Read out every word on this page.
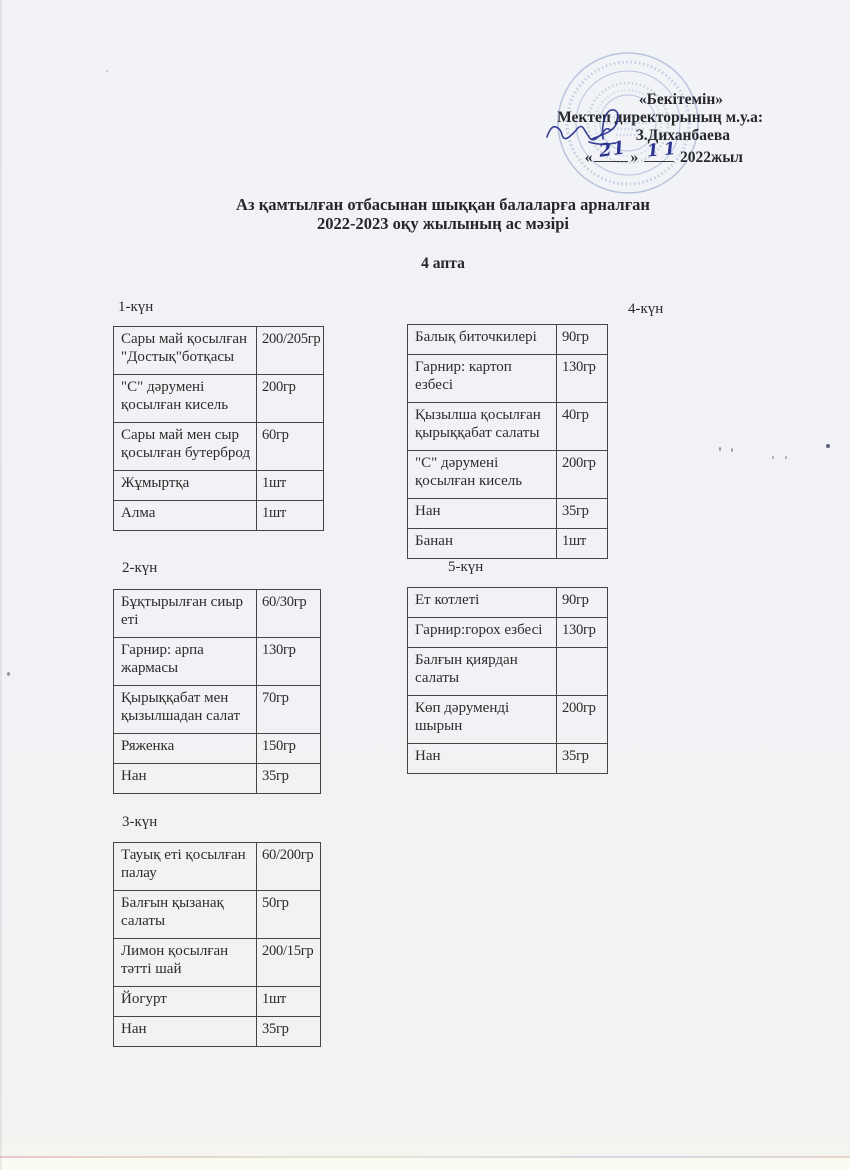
«Бекітемін»
Мектеп директорының м.у.а:
З.Диханбаева
« 21 » 11
2022жыл
Аз қамтылған отбасынан шыққан балаларға арналған
2022-2023 оқу жылының ас мәзірі
4 апта
1-күн
2-күн
3-күн
4-күн
5-күн
Сары май қосылған "Достық"ботқасы	200/205гр
"С" дәрумені қосылған кисель	200гр
Сары май мен сыр қосылған бутерброд	60гр
Жұмыртқа	1шт
Алма	1шт
Бұқтырылған сиыр еті	60/30гр
Гарнир: арпа жармасы	130гр
Қырыққабат мен қызылшадан салат	70гр
Ряженка	150гр
Нан	35гр
Тауық еті қосылған палау	60/200гр
Балғын қызанақ салаты	50гр
Лимон қосылған тәтті шай	200/15гр
Йогурт	1шт
Нан	35гр
Балық биточкилері	90гр
Гарнир: картоп езбесі	130гр
Қызылша қосылған қырыққабат салаты	40гр
"С" дәрумені қосылған кисель	200гр
Нан	35гр
Банан	1шт
Ет котлеті	90гр
Гарнир:горох езбесі	130гр
Балғын қиярдан салаты	
Көп дәруменді шырын	200гр
Нан	35гр
